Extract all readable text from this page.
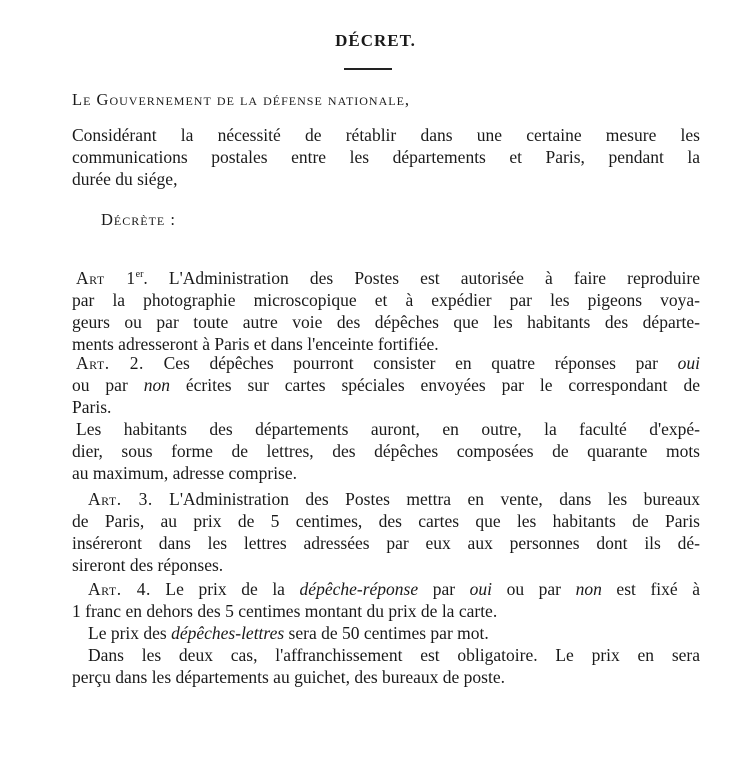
DÉCRET.
Le Gouvernement de la défense nationale,
Considérant la nécessité de rétablir dans une certaine mesure les
communications postales entre les départements et Paris, pendant la
durée du siége,
Décrète :
Art 1er. L'Administration des Postes est autorisée à faire reproduire
par la photographie microscopique et à expédier par les pigeons voya-
geurs ou par toute autre voie des dépêches que les habitants des départe-
ments adresseront à Paris et dans l'enceinte fortifiée.
Art. 2. Ces dépêches pourront consister en quatre réponses par oui
ou par non écrites sur cartes spéciales envoyées par le correspondant de
Paris.
Les habitants des départements auront, en outre, la faculté d'expé-
dier, sous forme de lettres, des dépêches composées de quarante mots
au maximum, adresse comprise.
Art. 3. L'Administration des Postes mettra en vente, dans les bureaux
de Paris, au prix de 5 centimes, des cartes que les habitants de Paris
inséreront dans les lettres adressées par eux aux personnes dont ils dé-
sireront des réponses.
Art. 4. Le prix de la dépêche-réponse par oui ou par non est fixé à
1 franc en dehors des 5 centimes montant du prix de la carte.
Le prix des dépêches-lettres sera de 50 centimes par mot.
Dans les deux cas, l'affranchissement est obligatoire. Le prix en sera
perçu dans les départements au guichet, des bureaux de poste.
